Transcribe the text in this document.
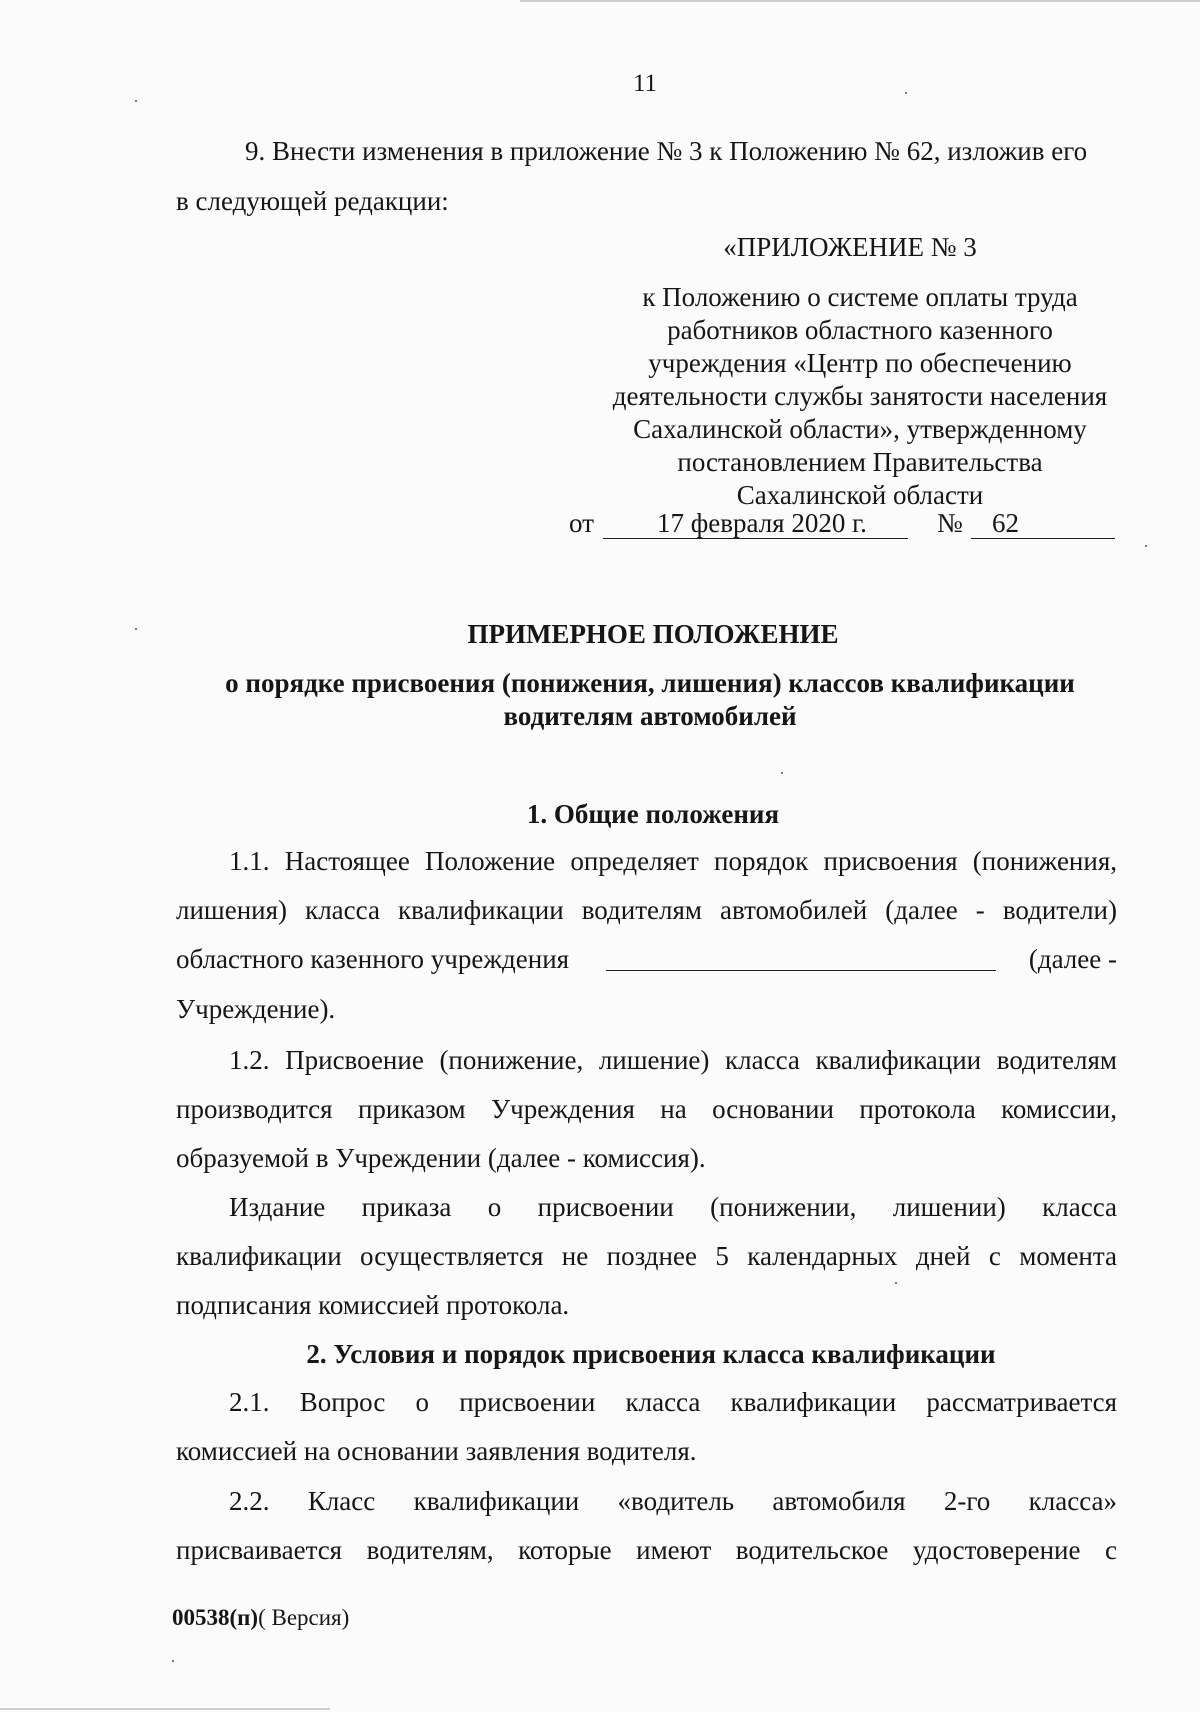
11
9. Внести изменения в приложение № 3 к Положению № 62, изложив его
в следующей редакции:
«ПРИЛОЖЕНИЕ № 3
к Положению о системе оплаты труда
работников областного казенного
учреждения «Центр по обеспечению
деятельности службы занятости населения
Сахалинской области», утвержденному
постановлением Правительства
Сахалинской области
от 17 февраля 2020 г.	№ 62
ПРИМЕРНОЕ ПОЛОЖЕНИЕ
о порядке присвоения (понижения, лишения) классов квалификации
водителям автомобилей
1. Общие положения
1.1. Настоящее Положение определяет порядок присвоения (понижения,
лишения) класса квалификации водителям автомобилей (далее - водители)
областного казенного учреждения	(далее -
Учреждение).
1.2. Присвоение (понижение, лишение) класса квалификации водителям
производится приказом Учреждения на основании протокола комиссии,
образуемой в Учреждении (далее - комиссия).
Издание приказа о присвоении (понижении, лишении) класса
квалификации осуществляется не позднее 5 календарных дней с момента
подписания комиссией протокола.
2. Условия и порядок присвоения класса квалификации
2.1. Вопрос о присвоении класса квалификации рассматривается
комиссией на основании заявления водителя.
2.2. Класс квалификации «водитель автомобиля 2-го класса»
присваивается водителям, которые имеют водительское удостоверение с
00538(п)( Версия)
